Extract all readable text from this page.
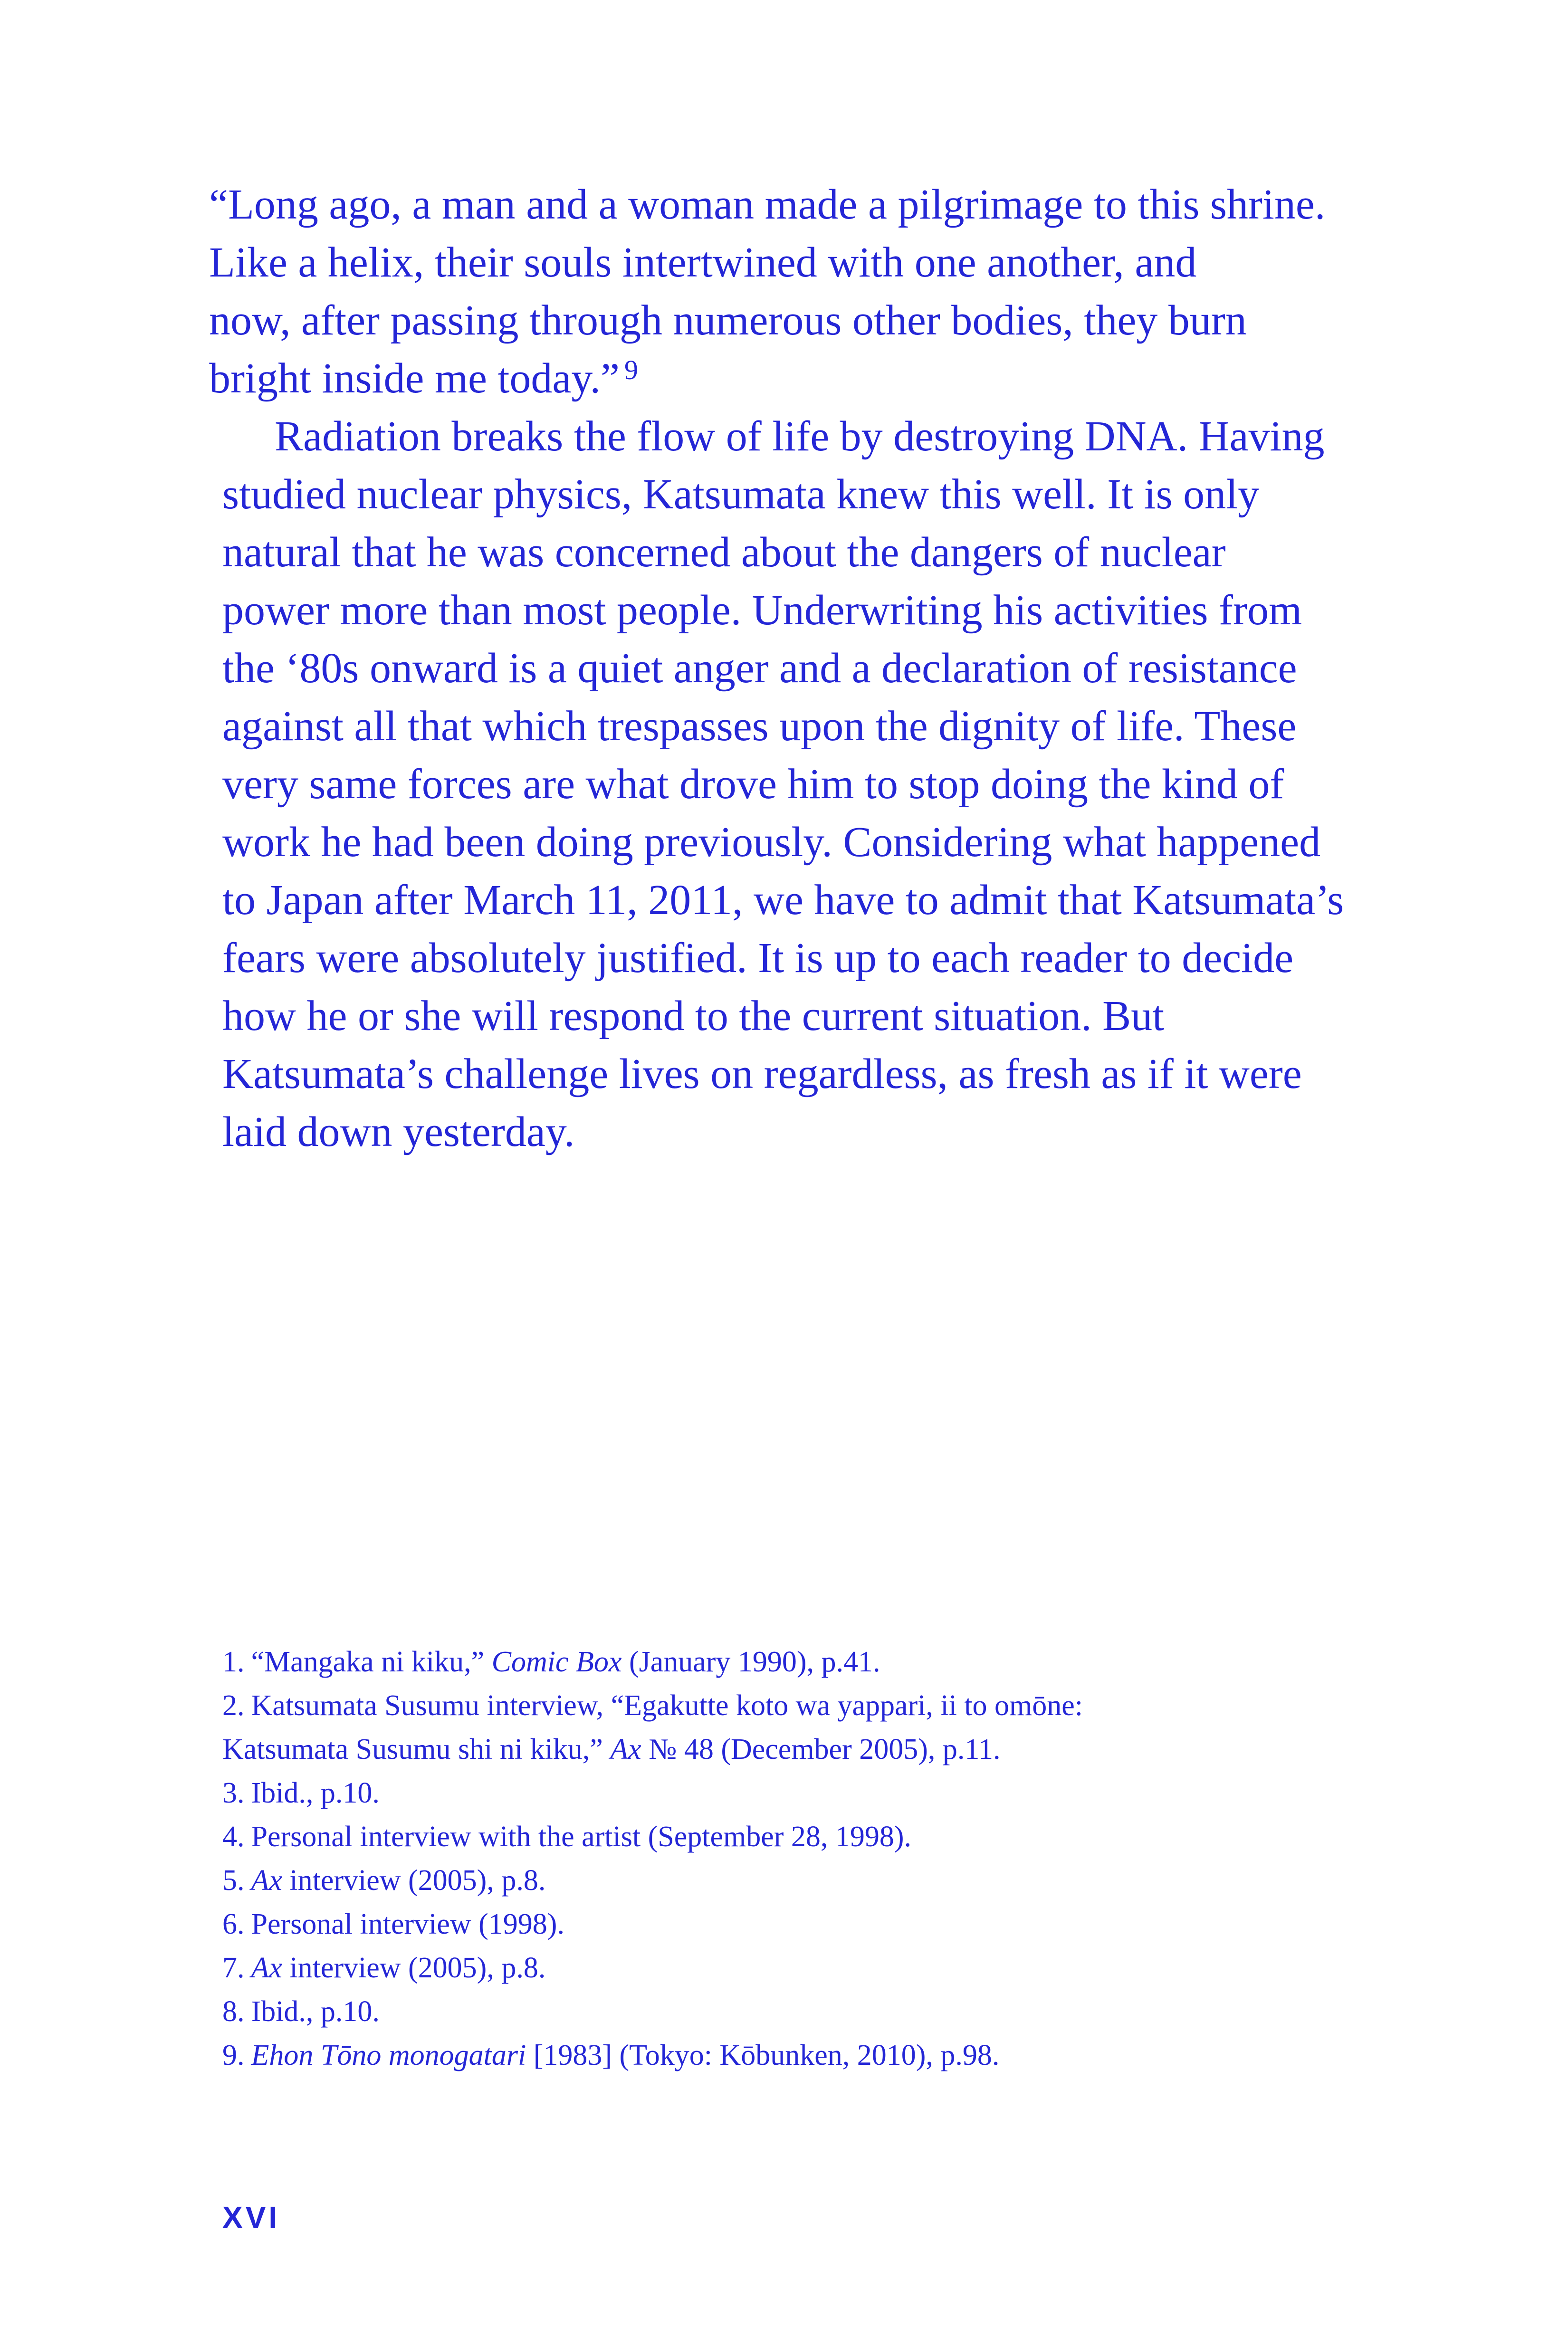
“Long ago, a man and a woman made a pilgrimage to this shrine.
Like a helix, their souls intertwined with one another, and
now, after passing through numerous other bodies, they burn
bright inside me today.” $^9$

Radiation breaks the flow of life by destroying DNA. Having
studied nuclear physics, Katsumata knew this well. It is only
natural that he was concerned about the dangers of nuclear
power more than most people. Underwriting his activities from
the ‘80s onward is a quiet anger and a declaration of resistance
against all that which trespasses upon the dignity of life. These
very same forces are what drove him to stop doing the kind of
work he had been doing previously. Considering what happened
to Japan after March 11, 2011, we have to admit that Katsumata’s
fears were absolutely justified. It is up to each reader to decide
how he or she will respond to the current situation. But
Katsumata’s challenge lives on regardless, as fresh as if it were
laid down yesterday.

1. “Mangaka ni kiku,” Comic Box (January 1990), p.41.
2. Katsumata Susumu interview, “Egakutte koto wa yappari, ii to omōne:
Katsumata Susumu shi ni kiku,” Ax № 48 (December 2005), p.11.
3. Ibid., p.10.
4. Personal interview with the artist (September 28, 1998).
5. Ax interview (2005), p.8.
6. Personal interview (1998).
7. Ax interview (2005), p.8.
8. Ibid., p.10.
9. Ehon Tōno monogatari [1983] (Tokyo: Kōbunken, 2010), p.98.
XVI
